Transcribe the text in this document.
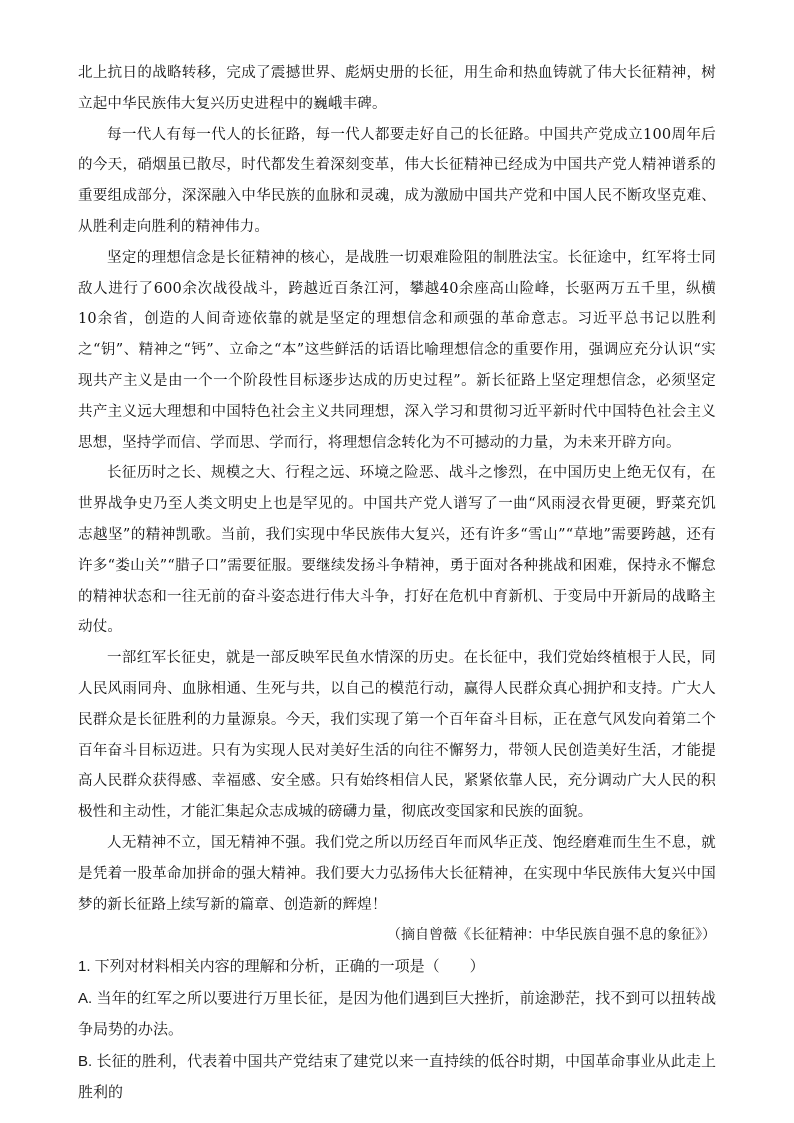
北上抗日的战略转移，完成了震撼世界、彪炳史册的长征，用生命和热血铸就了伟大长征精神，树立起中华民族伟大复兴历史进程中的巍峨丰碑。

每一代人有每一代人的长征路，每一代人都要走好自己的长征路。中国共产党成立100周年后的今天，硝烟虽已散尽，时代都发生着深刻变革，伟大长征精神已经成为中国共产党人精神谱系的重要组成部分，深深融入中华民族的血脉和灵魂，成为激励中国共产党和中国人民不断攻坚克难、从胜利走向胜利的精神伟力。

坚定的理想信念是长征精神的核心，是战胜一切艰难险阻的制胜法宝。长征途中，红军将士同敌人进行了600余次战役战斗，跨越近百条江河，攀越40余座高山险峰，长驱两万五千里，纵横10余省，创造的人间奇迹依靠的就是坚定的理想信念和顽强的革命意志。习近平总书记以胜利之“钥”、精神之“钙”、立命之“本”这些鲜活的话语比喻理想信念的重要作用，强调应充分认识“实现共产主义是由一个一个阶段性目标逐步达成的历史过程”。新长征路上坚定理想信念，必须坚定共产主义远大理想和中国特色社会主义共同理想，深入学习和贯彻习近平新时代中国特色社会主义思想，坚持学而信、学而思、学而行，将理想信念转化为不可撼动的力量，为未来开辟方向。

长征历时之长、规模之大、行程之远、环境之险恶、战斗之惨烈，在中国历史上绝无仅有，在世界战争史乃至人类文明史上也是罕见的。中国共产党人谱写了一曲“风雨浸衣骨更硬，野菜充饥志越坚”的精神凯歌。当前，我们实现中华民族伟大复兴，还有许多“雪山”“草地”需要跨越，还有许多“娄山关”“腊子口”需要征服。要继续发扬斗争精神，勇于面对各种挑战和困难，保持永不懈怠的精神状态和一往无前的奋斗姿态进行伟大斗争，打好在危机中育新机、于变局中开新局的战略主动仗。

一部红军长征史，就是一部反映军民鱼水情深的历史。在长征中，我们党始终植根于人民，同人民风雨同舟、血脉相通、生死与共，以自己的模范行动，赢得人民群众真心拥护和支持。广大人民群众是长征胜利的力量源泉。今天，我们实现了第一个百年奋斗目标，正在意气风发向着第二个百年奋斗目标迈进。只有为实现人民对美好生活的向往不懈努力，带领人民创造美好生活，才能提高人民群众获得感、幸福感、安全感。只有始终相信人民，紧紧依靠人民，充分调动广大人民的积极性和主动性，才能汇集起众志成城的磅礴力量，彻底改变国家和民族的面貌。

人无精神不立，国无精神不强。我们党之所以历经百年而风华正茂、饱经磨难而生生不息，就是凭着一股革命加拼命的强大精神。我们要大力弘扬伟大长征精神，在实现中华民族伟大复兴中国梦的新长征路上续写新的篇章、创造新的辉煌！

（摘自曾薇《长征精神：中华民族自强不息的象征》）

1. 下列对材料相关内容的理解和分析，正确的一项是（　　）

A. 当年的红军之所以要进行万里长征，是因为他们遇到巨大挫折，前途渺茫，找不到可以扭转战争局势的办法。

B. 长征的胜利，代表着中国共产党结束了建党以来一直持续的低谷时期，中国革命事业从此走上胜利的
